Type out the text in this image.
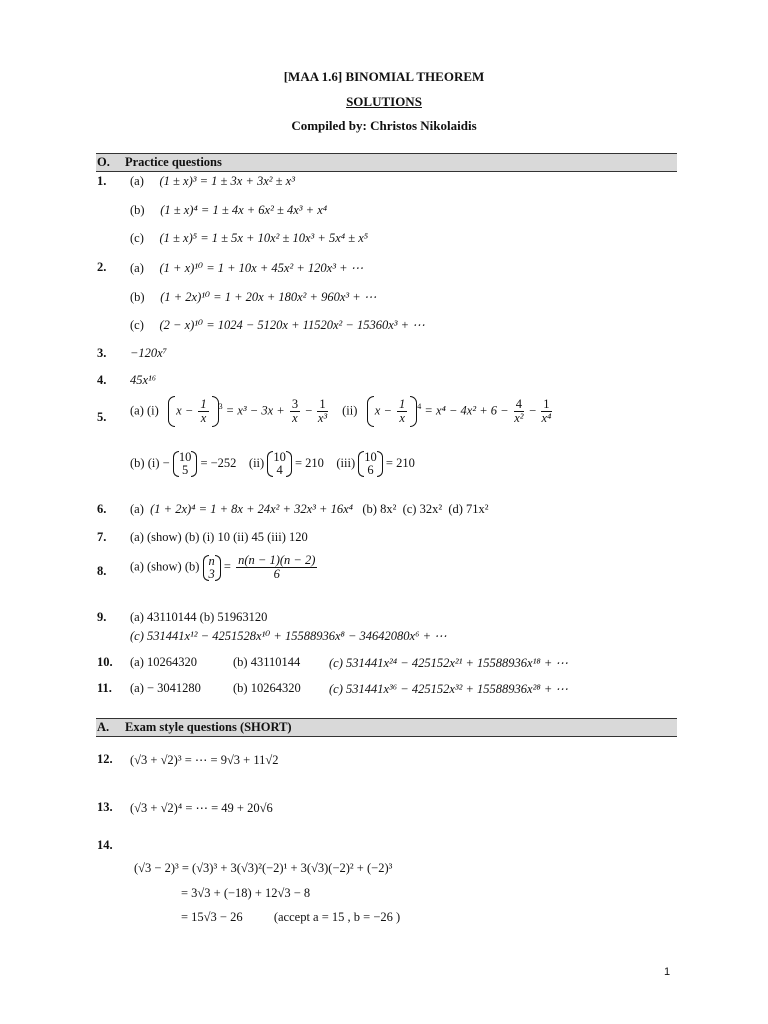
[MAA 1.6] BINOMIAL THEOREM
SOLUTIONS
Compiled by: Christos Nikolaidis
O. Practice questions
1. (a) (1 ± x)³ = 1 ± 3x + 3x² ± x³
(b) (1 ± x)⁴ = 1 ± 4x + 6x² ± 4x³ + x⁴
(c) (1 ± x)⁵ = 1 ± 5x + 10x² ± 10x³ + 5x⁴ ± x⁵
2. (a) (1 + x)¹⁰ = 1 + 10x + 45x² + 120x³ + ⋯
(b) (1 + 2x)¹⁰ = 1 + 20x + 180x² + 960x³ + ⋯
(c) (2 − x)¹⁰ = 1024 − 5120x + 11520x² − 15360x³ + ⋯
3. −120x⁷
4. 45x¹⁶
5. (a) (i) $x - \frac{1}{x} ^3 = x^3 - 3x + \frac{3}{x} - \frac{1}{\text{x³}} (ii) x - \frac{1}{x} ^4 = x^4 - 4x^2 + 6 - \frac{4}{\text{x²}} - \frac{1}{\text{x⁴}}$
(b) (i) − 10
5
= −252 (ii) 10
4
= 210 (iii) 10
6
= 210
6. (a) (1 + 2x)⁴ = 1 + 8x + 24x² + 32x³ + 16x⁴ (b) 8x² (c) 32x² (d) 71x²
7. (a) (show) (b) (i) 10 (ii) 45 (iii) 120
8. (a) (show) (b) n
3
= $\frac{n(n - 1)(n - 2)}{6}$
9. (a) 43110144 (b) 51963120
(c) 531441x¹² − 4251528x¹⁰ + 15588936x⁸ − 34642080x⁶ + ⋯
10. (a) 10264320	(b) 43110144 (c) 531441x²⁴ − 425152x²¹ + 15588936x¹⁸ + ⋯
11. (a) − 3041280	(b) 10264320 (c) 531441x³⁶ − 425152x³² + 15588936x²⁸ + ⋯
A. Exam style questions (SHORT)
12. (√3 + √2)³ = ⋯ = 9√3 + 11√2
13. (√3 + √2)⁴ = ⋯ = 49 + 20√6
14.
(√3 − 2)³ = (√3)³ + 3(√3)²(−2)¹ + 3(√3)(−2)² + (−2)³
= 3√3 + (−18) + 12√3 − 8
= 15√3 − 26	(accept a = 15 , b = −26 )
1
